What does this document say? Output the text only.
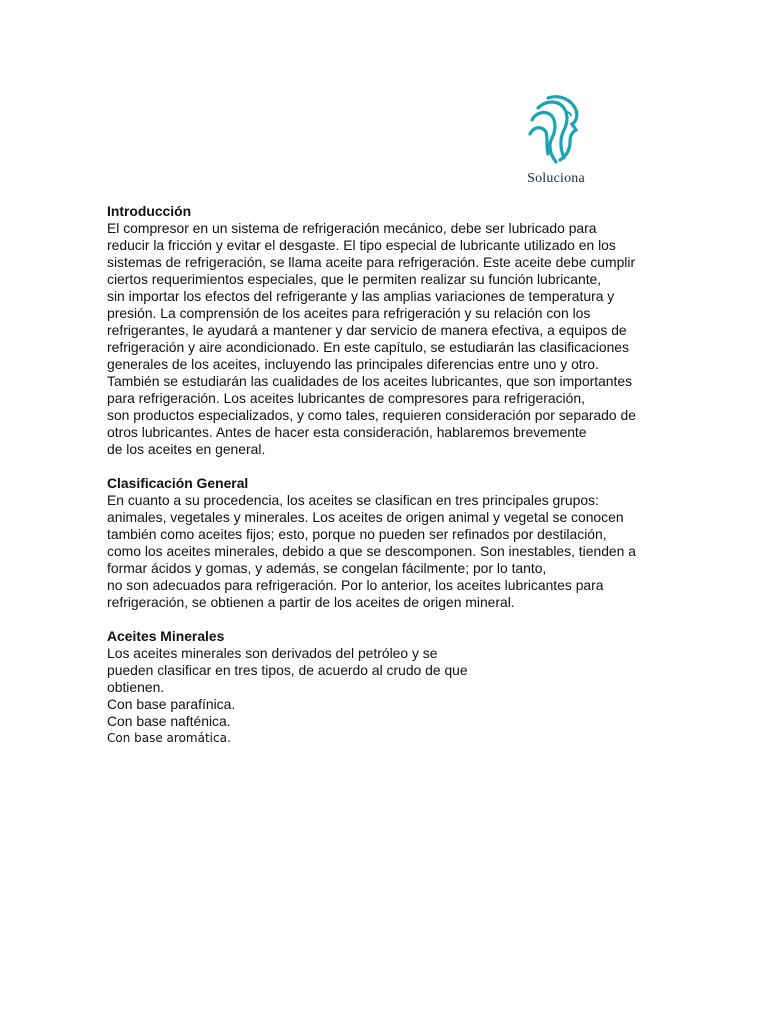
Soluciona
Introducción
El compresor en un sistema de refrigeración mecánico, debe ser lubricado para
reducir la fricción y evitar el desgaste. El tipo especial de lubricante utilizado en los
sistemas de refrigeración, se llama aceite para refrigeración. Este aceite debe cumplir
ciertos requerimientos especiales, que le permiten realizar su función lubricante,
sin importar los efectos del refrigerante y las amplias variaciones de temperatura y
presión. La comprensión de los aceites para refrigeración y su relación con los
refrigerantes, le ayudará a mantener y dar servicio de manera efectiva, a equipos de
refrigeración y aire acondicionado. En este capítulo, se estudiarán las clasificaciones
generales de los aceites, incluyendo las principales diferencias entre uno y otro.
También se estudiarán las cualidades de los aceites lubricantes, que son importantes
para refrigeración. Los aceites lubricantes de compresores para refrigeración,
son productos especializados, y como tales, requieren consideración por separado de
otros lubricantes. Antes de hacer esta consideración, hablaremos brevemente
de los aceites en general.
Clasificación General
En cuanto a su procedencia, los aceites se clasifican en tres principales grupos:
animales, vegetales y minerales. Los aceites de origen animal y vegetal se conocen
también como aceites fijos; esto, porque no pueden ser refinados por destilación,
como los aceites minerales, debido a que se descomponen. Son inestables, tienden a
formar ácidos y gomas, y además, se congelan fácilmente; por lo tanto,
no son adecuados para refrigeración. Por lo anterior, los aceites lubricantes para
refrigeración, se obtienen a partir de los aceites de origen mineral.
Aceites Minerales
Los aceites minerales son derivados del petróleo y se
pueden clasificar en tres tipos, de acuerdo al crudo de que
obtienen.
Con base parafínica.
Con base nafténica.
Con base aromática.
